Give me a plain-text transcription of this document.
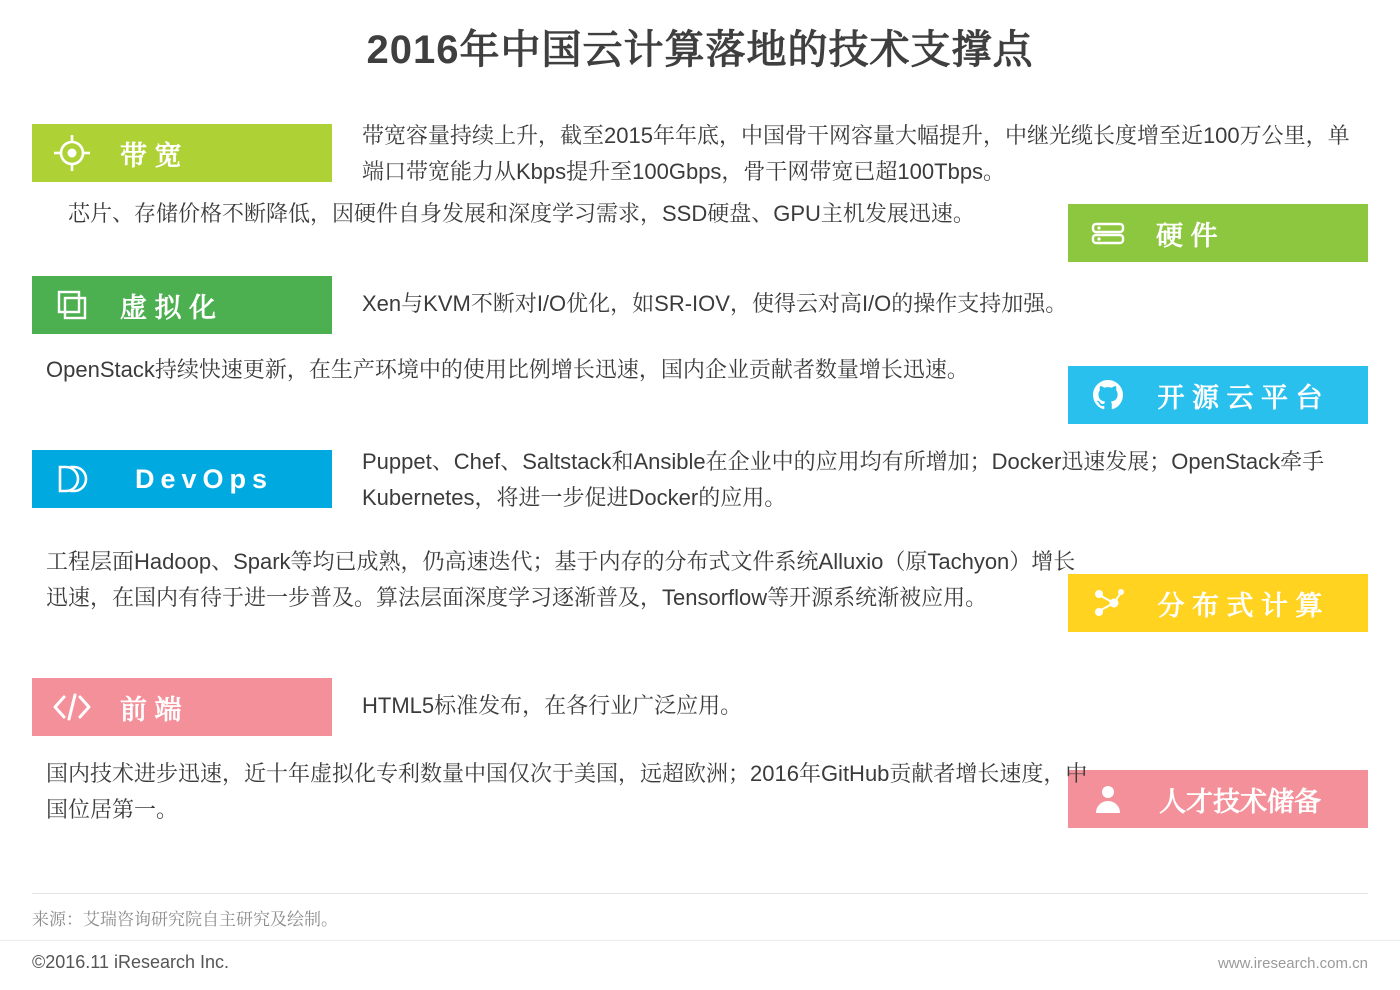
2016年中国云计算落地的技术支撑点
带 宽
带宽容量持续上升，截至2015年年底，中国骨干网容量大幅提升，中继光缆长度增至近100万公里，单端口带宽能力从Kbps提升至100Gbps，骨干网带宽已超100Tbps。
硬 件
芯片、存储价格不断降低，因硬件自身发展和深度学习需求，SSD硬盘、GPU主机发展迅速。
虚 拟 化	Xen与KVM不断对I/O优化，如SR-IOV，使得云对高I/O的操作支持加强。
开 源 云 平 台
OpenStack持续快速更新，在生产环境中的使用比例增长迅速，国内企业贡献者数量增长迅速。
DevOps
Puppet、Chef、Saltstack和Ansible在企业中的应用均有所增加；Docker迅速发展；OpenStack牵手Kubernetes，将进一步促进Docker的应用。
分 布 式 计 算
工程层面Hadoop、Spark等均已成熟，仍高速迭代；基于内存的分布式文件系统Alluxio（原Tachyon）增长迅速，在国内有待于进一步普及。算法层面深度学习逐渐普及，Tensorflow等开源系统渐被应用。
前 端	HTML5标准发布，在各行业广泛应用。
人才技术储备
国内技术进步迅速，近十年虚拟化专利数量中国仅次于美国，远超欧洲；2016年GitHub贡献者增长速度，中国位居第一。
来源：艾瑞咨询研究院自主研究及绘制。
©2016.11 iResearch Inc.	www.iresearch.com.cn
